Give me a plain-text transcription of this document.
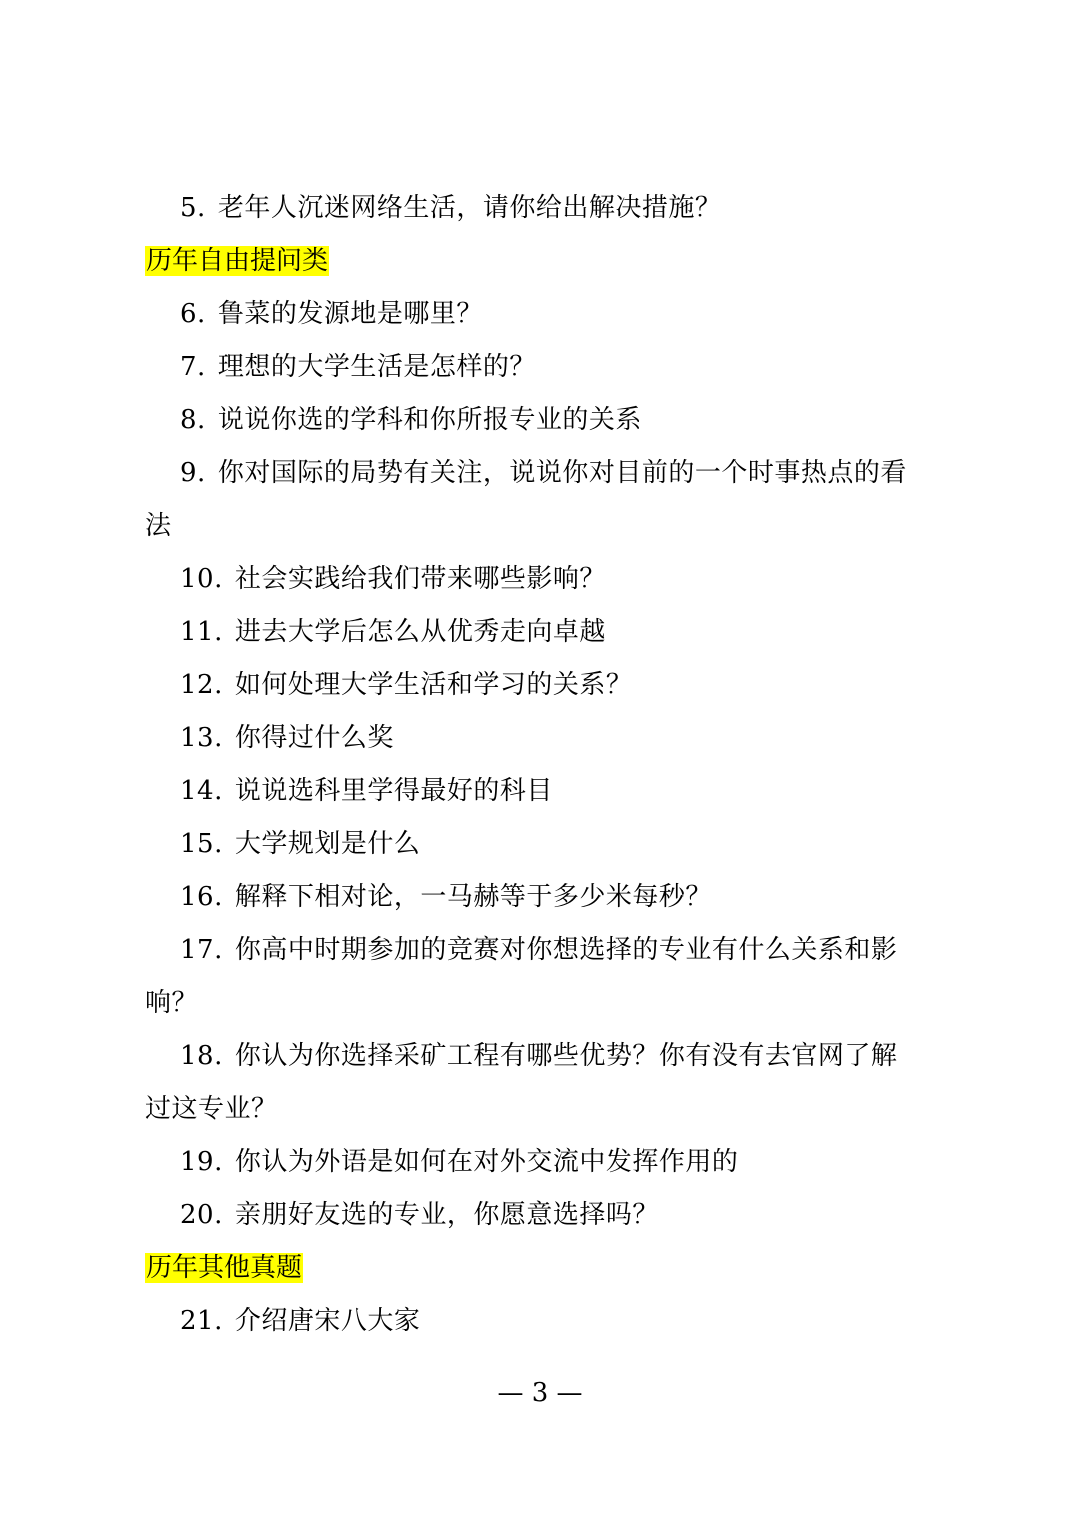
5. 老年人沉迷网络生活，请你给出解决措施？
历年自由提问类
6. 鲁菜的发源地是哪里？
7. 理想的大学生活是怎样的？
8. 说说你选的学科和你所报专业的关系
9. 你对国际的局势有关注，说说你对目前的一个时事热点的看
法
10. 社会实践给我们带来哪些影响？
11. 进去大学后怎么从优秀走向卓越
12. 如何处理大学生活和学习的关系？
13. 你得过什么奖
14. 说说选科里学得最好的科目
15. 大学规划是什么
16. 解释下相对论，一马赫等于多少米每秒？
17. 你高中时期参加的竞赛对你想选择的专业有什么关系和影
响？
18. 你认为你选择采矿工程有哪些优势？你有没有去官网了解
过这专业？
19. 你认为外语是如何在对外交流中发挥作用的
20. 亲朋好友选的专业，你愿意选择吗？
历年其他真题
21. 介绍唐宋八大家
— 3 —
